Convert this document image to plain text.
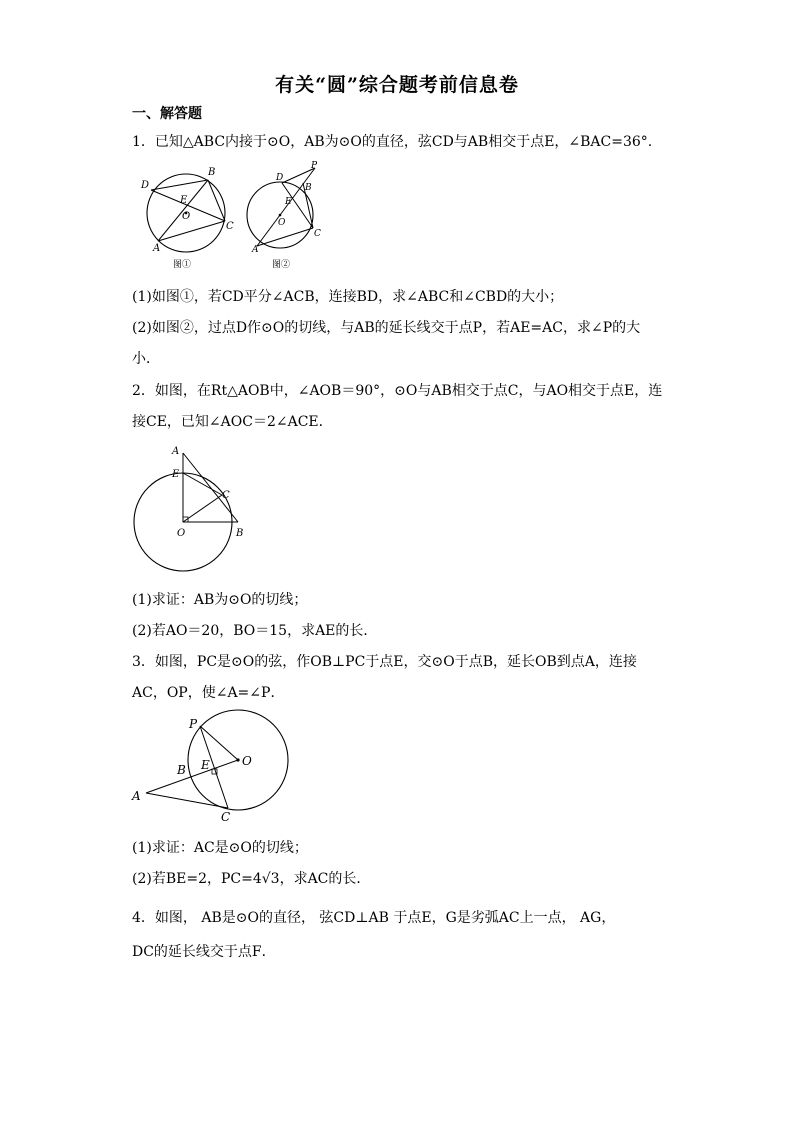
有关“圆”综合题考前信息卷
一、解答题
1．已知△ABC内接于⊙O，AB为⊙O的直径，弦CD与AB相交于点E，∠BAC=36°.
D
B
E
O
C
A
图①
P
D
B
E
O
C
A
图②
(1)如图①，若CD平分∠ACB，连接BD，求∠ABC和∠CBD的大小；
(2)如图②，过点D作⊙O的切线，与AB的延长线交于点P，若AE=AC，求∠P的大
小．
2．如图，在Rt△AOB中，∠AOB＝90°，⊙O与AB相交于点C，与AO相交于点E，连
接CE，已知∠AOC＝2∠ACE．
A
E
C
O	B
(1)求证：AB为⊙O的切线；
(2)若AO＝20，BO＝15，求AE的长．
3．如图，PC是⊙O的弦，作OB⊥PC于点E，交⊙O于点B，延长OB到点A，连接
AC，OP，使∠A=∠P．
P
O
B E
A
C
(1)求证：AC是⊙O的切线；
(2)若BE=2，PC=4√3，求AC的长．
4．如图， AB是⊙O的直径， 弦CD⊥AB 于点E，G是劣弧AC上一点， AG，
DC的延长线交于点F．
